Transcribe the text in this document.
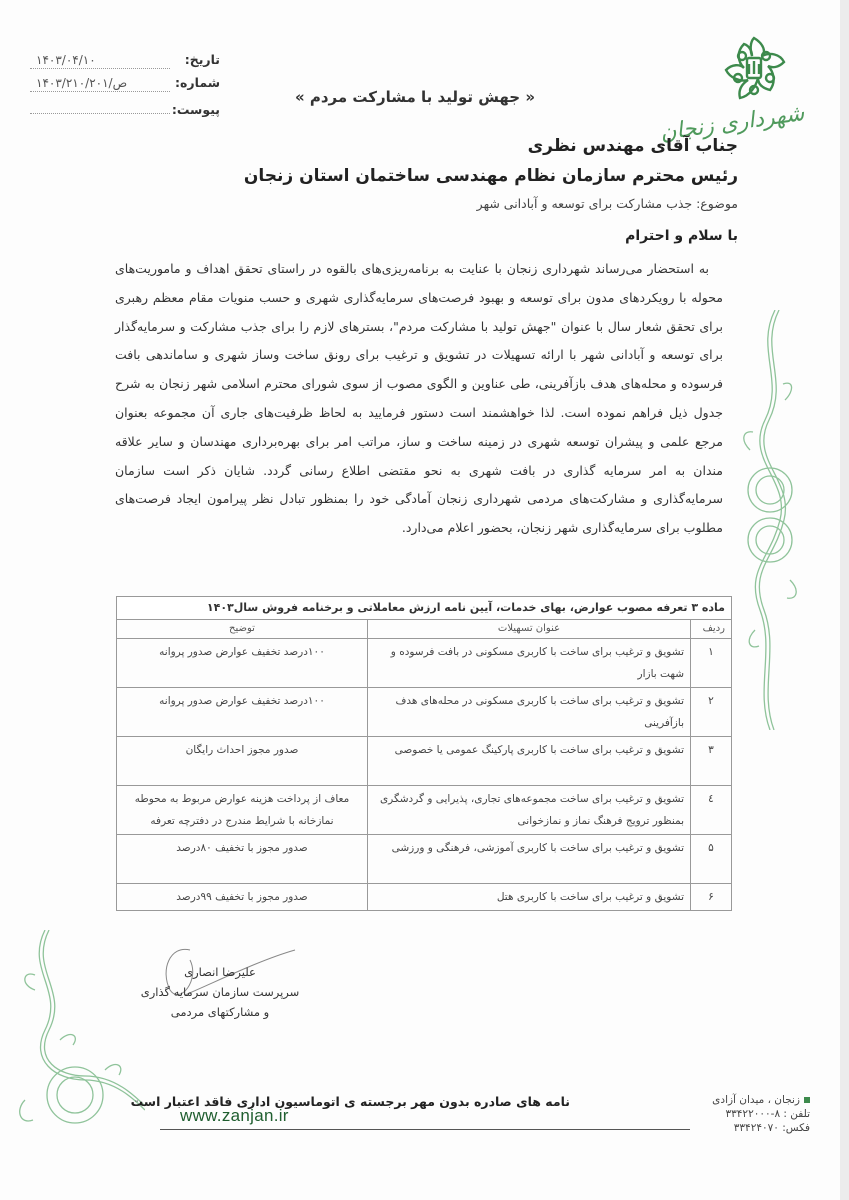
شهرداری زنجان
« جهش تولید با مشارکت مردم »
تاریخ:
۱۴۰۳/۰۴/۱۰
شماره:
۱۴۰۳/۲۱۰/۲۰۱/ص
پیوست:
جناب آقای مهندس نظری
رئیس محترم سازمان نظام مهندسی ساختمان استان زنجان
موضوع: جذب مشارکت برای توسعه و آبادانی شهر
با سلام و احترام
به استحضار می‌رساند شهرداری زنجان با عنایت به برنامه‌ریزی‌های بالقوه در راستای تحقق اهداف و ماموریت‌های محوله با رویکردهای مدون برای توسعه و بهبود فرصت‌های سرمایه‌گذاری شهری و حسب منویات مقام معظم رهبری برای تحقق شعار سال با عنوان "جهش تولید با مشارکت مردم"، بسترهای لازم را برای جذب مشارکت و سرمایه‌گذار برای توسعه و آبادانی شهر با ارائه تسهیلات در تشویق و ترغیب برای رونق ساخت وساز شهری و ساماندهی بافت فرسوده و محله‌های هدف بازآفرینی، طی عناوین و الگوی مصوب از سوی شورای محترم اسلامی شهر زنجان به شرح جدول ذیل فراهم نموده است. لذا خواهشمند است دستور فرمایید به لحاظ ظرفیت‌های جاری آن مجموعه بعنوان مرجع علمی و پیشران توسعه شهری در زمینه ساخت و ساز، مراتب امر برای بهره‌برداری مهندسان و سایر علاقه مندان به امر سرمایه گذاری در بافت شهری به نحو مقتضی اطلاع رسانی گردد. شایان ذکر است سازمان سرمایه‌گذاری و مشارکت‌های مردمی شهرداری زنجان آمادگی خود را بمنظور تبادل نظر پیرامون ایجاد فرصت‌های مطلوب برای سرمایه‌گذاری شهر زنجان، بحضور اعلام می‌دارد.
ماده ۳ تعرفه مصوب عوارض، بهای خدمات، آیین نامه ارزش معاملاتی و برخنامه فروش سال۱۴۰۳		
ردیف	عنوان تسهیلات	توضیح
۱	تشویق و ترغیب برای ساخت با کاربری مسکونی در بافت فرسوده و شهت بازار	۱۰۰درصد تخفیف عوارض صدور پروانه
۲	تشویق و ترغیب برای ساخت با کاربری مسکونی در محله‌های هدف بازآفرینی	۱۰۰درصد تخفیف عوارض صدور پروانه
۳	تشویق و ترغیب برای ساخت با کاربری پارکینگ عمومی یا خصوصی	صدور مجوز احداث رایگان
٤	تشویق و ترغیب برای ساخت مجموعه‌های تجاری، پذیرایی و گردشگری بمنظور ترویج فرهنگ نماز و نمازخوانی	معاف از پرداخت هزینه عوارض مربوط به محوطه نمازخانه با شرایط مندرج در دفترچه تعرفه
۵	تشویق و ترغیب برای ساخت با کاربری آموزشی، فرهنگی و ورزشی	صدور مجوز با تخفیف ۸۰درصد
۶	تشویق و ترغیب برای ساخت با کاربری هتل	صدور مجوز با تخفیف ۹۹درصد
علیرضا انصاری
سرپرست سازمان سرمایه گذاری
و مشارکتهای مردمی
نامه های صادره بدون مهر برجسته ی اتوماسیون اداری فاقد اعتبار است
www.zanjan.ir
زنجان ، میدان آزادی
تلفن : ۸-۳۳۴۲۲۰۰۰
فکس: ۳۳۴۲۴۰۷۰
